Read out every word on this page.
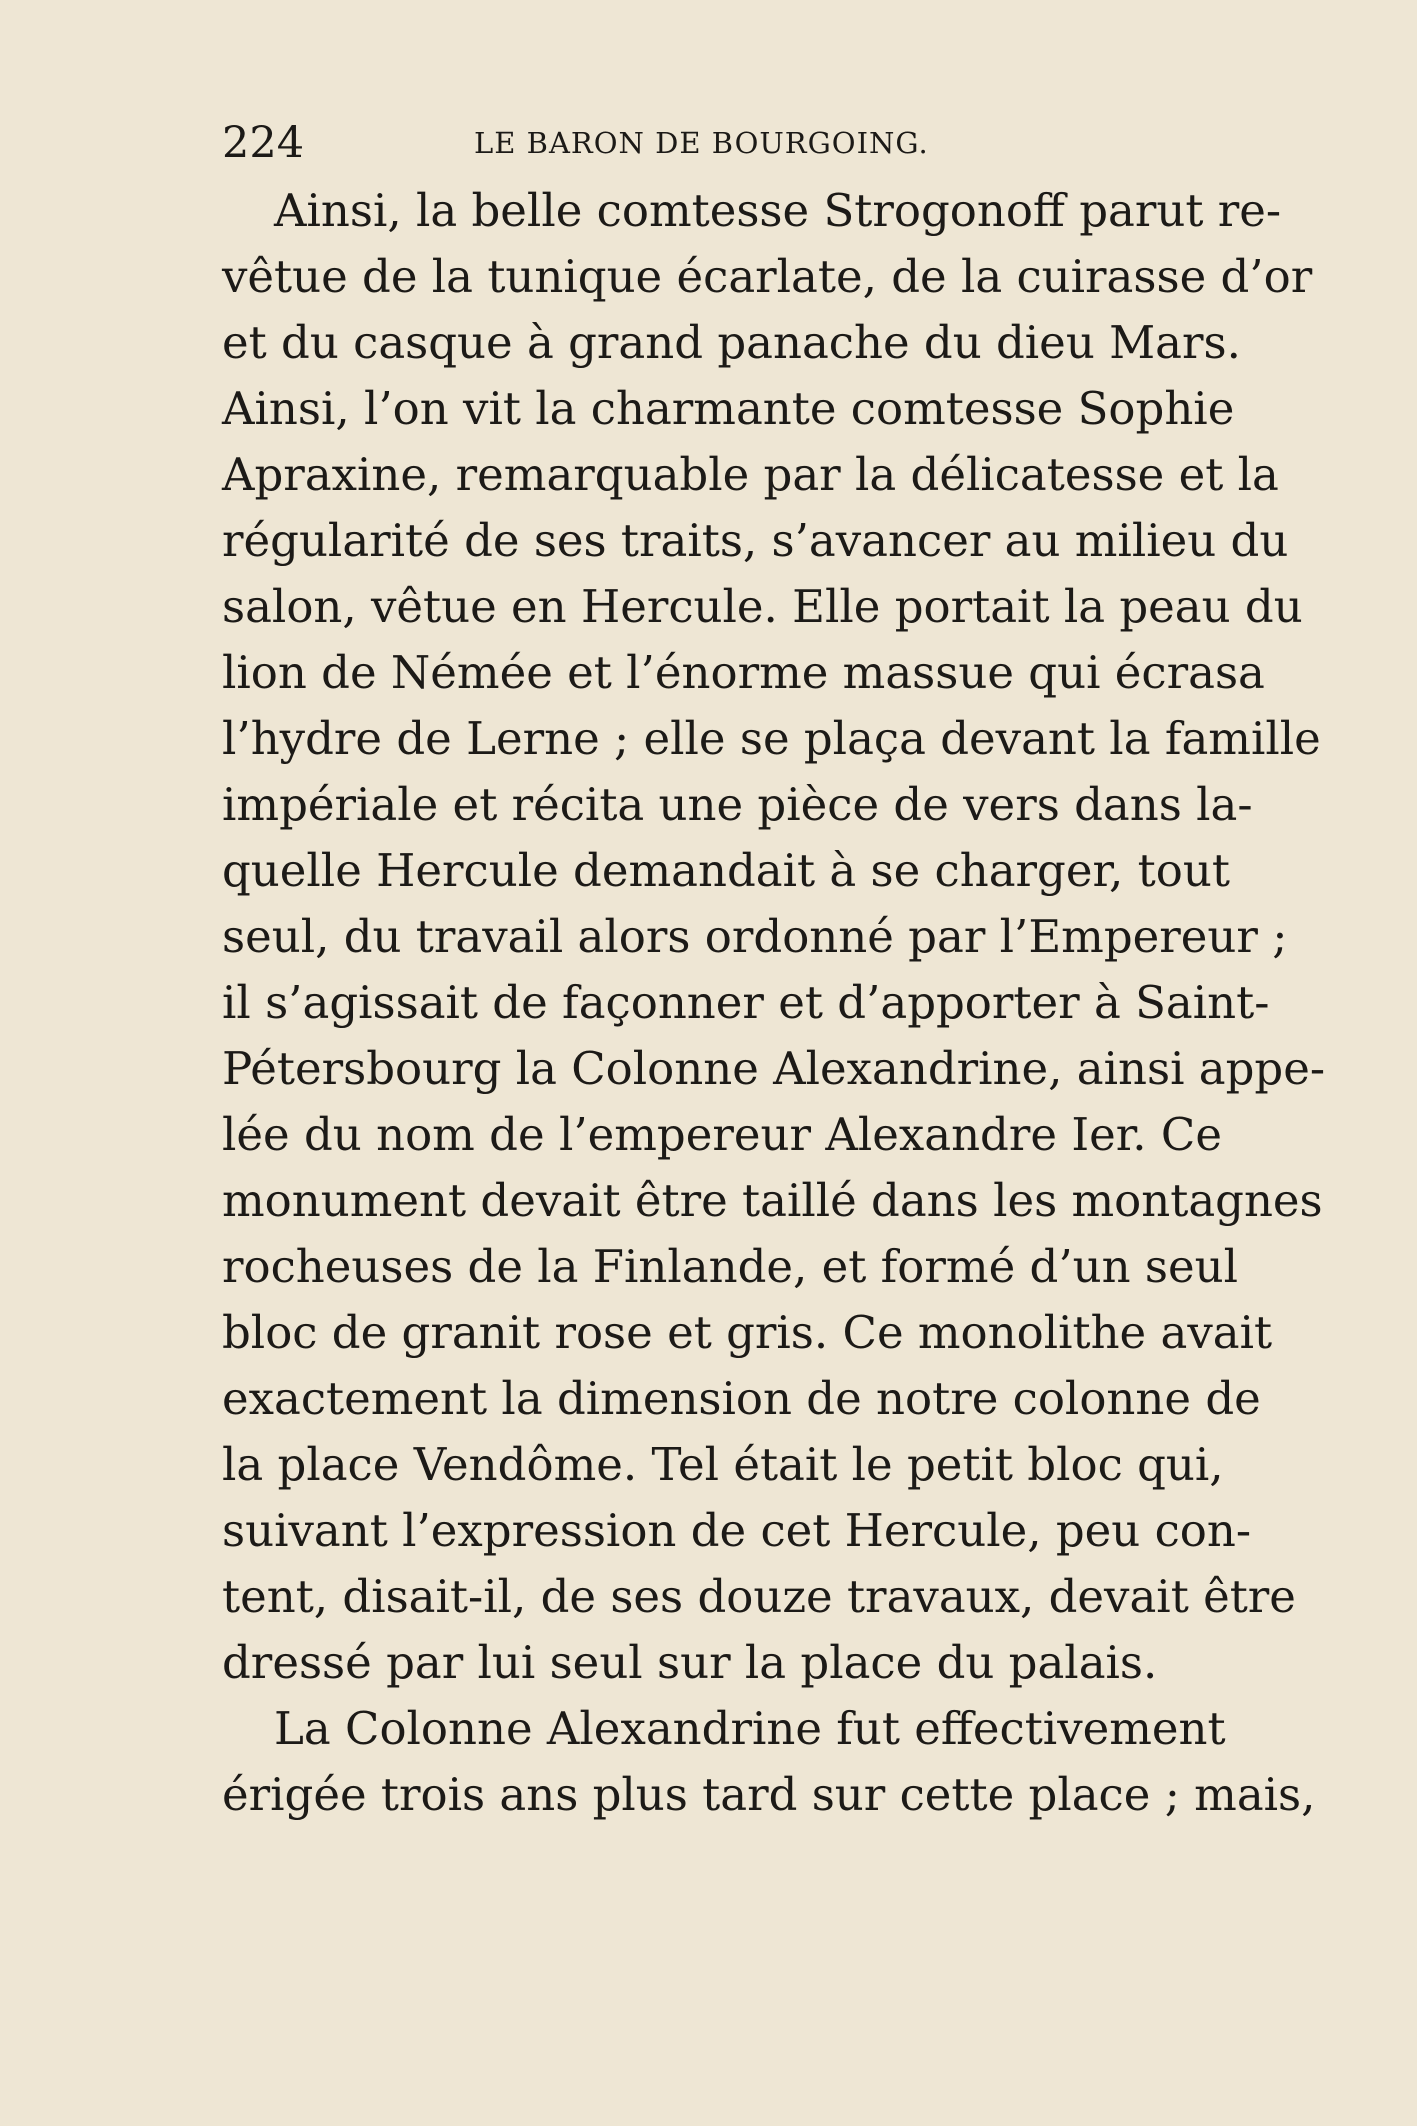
224	LE BARON DE BOURGOING.
Ainsi, la belle comtesse Strogonoff parut re-
vêtue de la tunique écarlate, de la cuirasse d’or
et du casque à grand panache du dieu Mars.
Ainsi, l’on vit la charmante comtesse Sophie
Apraxine, remarquable par la délicatesse et la
régularité de ses traits, s’avancer au milieu du
salon, vêtue en Hercule. Elle portait la peau du
lion de Némée et l’énorme massue qui écrasa
l’hydre de Lerne ; elle se plaça devant la famille
impériale et récita une pièce de vers dans la-
quelle Hercule demandait à se charger, tout
seul, du travail alors ordonné par l’Empereur ;
il s’agissait de façonner et d’apporter à Saint-
Pétersbourg la Colonne Alexandrine, ainsi appe-
lée du nom de l’empereur Alexandre Ier. Ce
monument devait être taillé dans les montagnes
rocheuses de la Finlande, et formé d’un seul
bloc de granit rose et gris. Ce monolithe avait
exactement la dimension de notre colonne de
la place Vendôme. Tel était le petit bloc qui,
suivant l’expression de cet Hercule, peu con-
tent, disait-il, de ses douze travaux, devait être
dressé par lui seul sur la place du palais.
La Colonne Alexandrine fut effectivement
érigée trois ans plus tard sur cette place ; mais,
